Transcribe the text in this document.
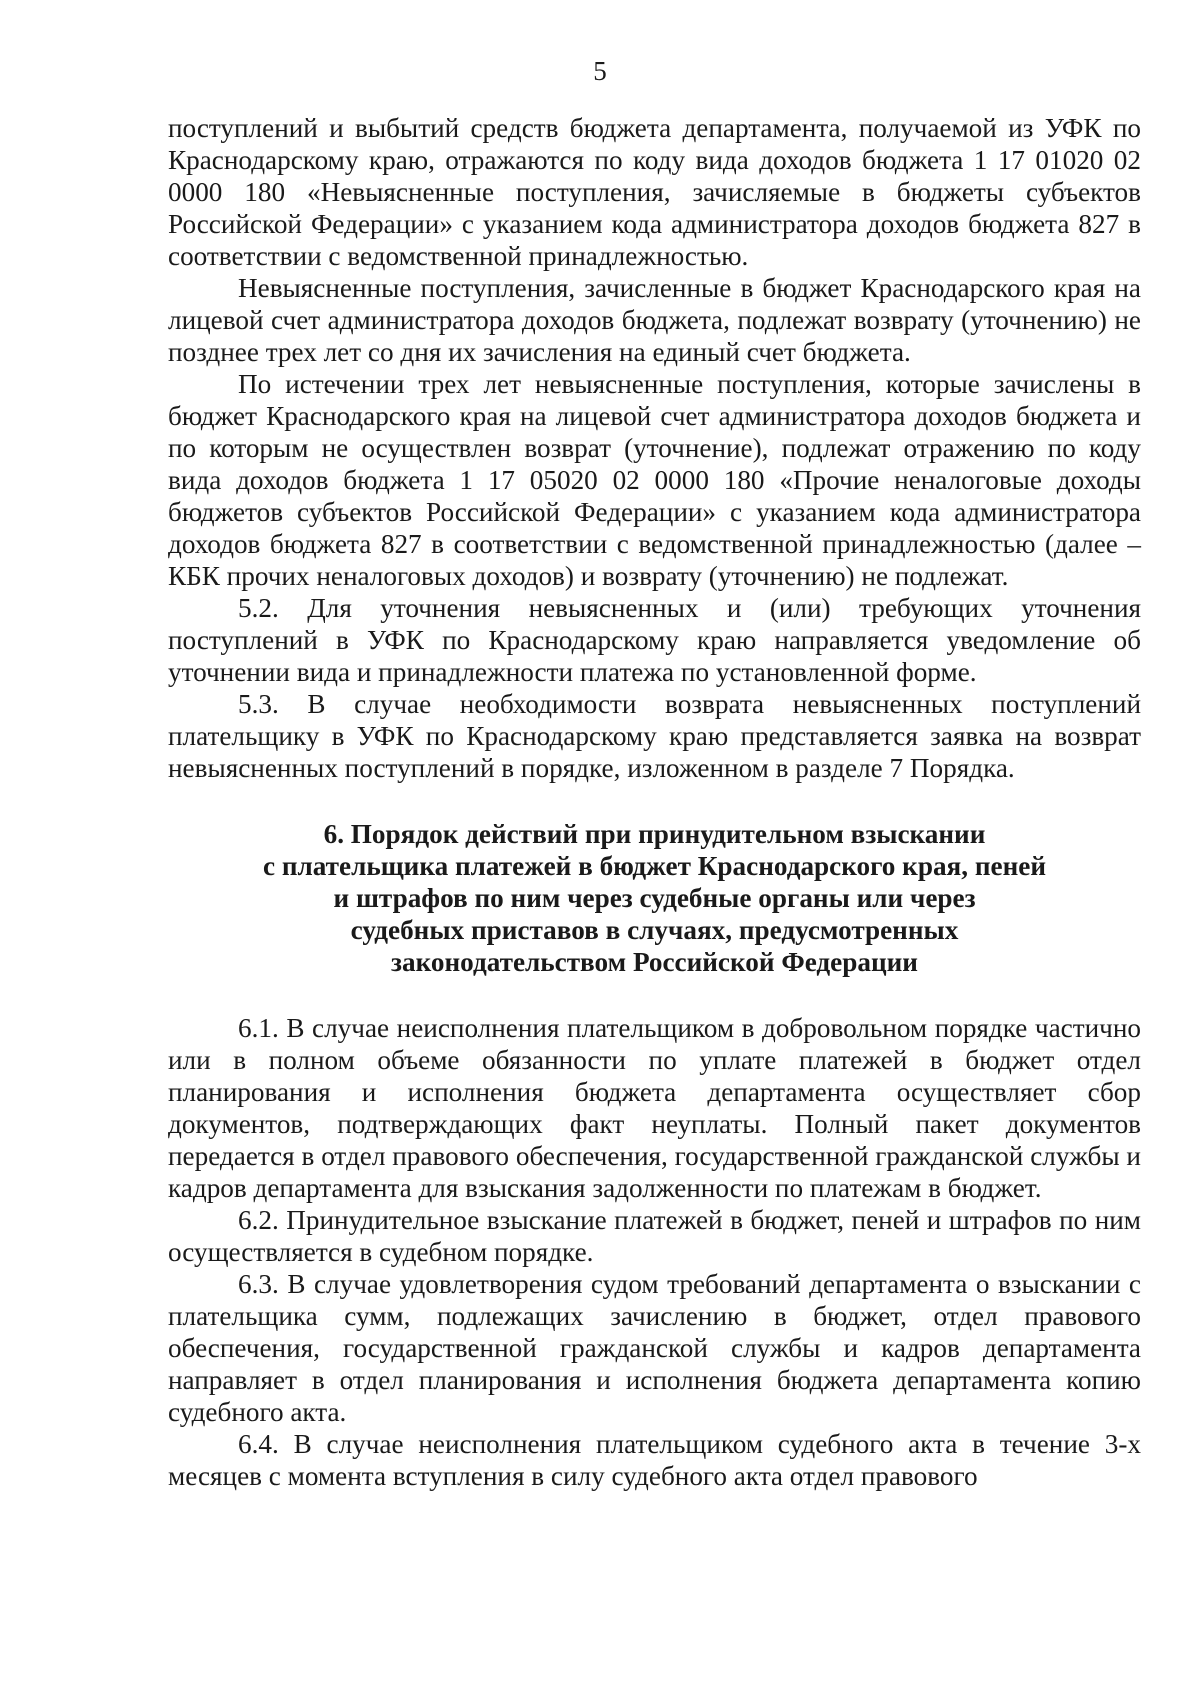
5

поступлений и выбытий средств бюджета департамента, получаемой из УФК по Краснодарскому краю, отражаются по коду вида доходов бюджета 1 17 01020 02 0000 180 «Невыясненные поступления, зачисляемые в бюджеты субъектов Российской Федерации» с указанием кода администратора доходов бюджета 827 в соответствии с ведомственной принадлежностью.

Невыясненные поступления, зачисленные в бюджет Краснодарского края на лицевой счет администратора доходов бюджета, подлежат возврату (уточнению) не позднее трех лет со дня их зачисления на единый счет бюджета.

По истечении трех лет невыясненные поступления, которые зачислены в бюджет Краснодарского края на лицевой счет администратора доходов бюджета и по которым не осуществлен возврат (уточнение), подлежат отражению по коду вида доходов бюджета 1 17 05020 02 0000 180 «Прочие неналоговые доходы бюджетов субъектов Российской Федерации» с указанием кода администратора доходов бюджета 827 в соответствии с ведомственной принадлежностью (далее – КБК прочих неналоговых доходов) и возврату (уточнению) не подлежат.

5.2. Для уточнения невыясненных и (или) требующих уточнения поступлений в УФК по Краснодарскому краю направляется уведомление об уточнении вида и принадлежности платежа по установленной форме.

5.3. В случае необходимости возврата невыясненных поступлений плательщику в УФК по Краснодарскому краю представляется заявка на возврат невыясненных поступлений в порядке, изложенном в разделе 7 Порядка.

6. Порядок действий при принудительном взыскании
с плательщика платежей в бюджет Краснодарского края, пеней
и штрафов по ним через судебные органы или через
судебных приставов в случаях, предусмотренных
законодательством Российской Федерации

6.1. В случае неисполнения плательщиком в добровольном порядке частично или в полном объеме обязанности по уплате платежей в бюджет отдел планирования и исполнения бюджета департамента осуществляет сбор документов, подтверждающих факт неуплаты. Полный пакет документов передается в отдел правового обеспечения, государственной гражданской службы и кадров департамента для взыскания задолженности по платежам в бюджет.

6.2. Принудительное взыскание платежей в бюджет, пеней и штрафов по ним осуществляется в судебном порядке.

6.3. В случае удовлетворения судом требований департамента о взыскании с плательщика сумм, подлежащих зачислению в бюджет, отдел правового обеспечения, государственной гражданской службы и кадров департамента направляет в отдел планирования и исполнения бюджета департамента копию судебного акта.

6.4. В случае неисполнения плательщиком судебного акта в течение 3-х месяцев с момента вступления в силу судебного акта отдел правового
